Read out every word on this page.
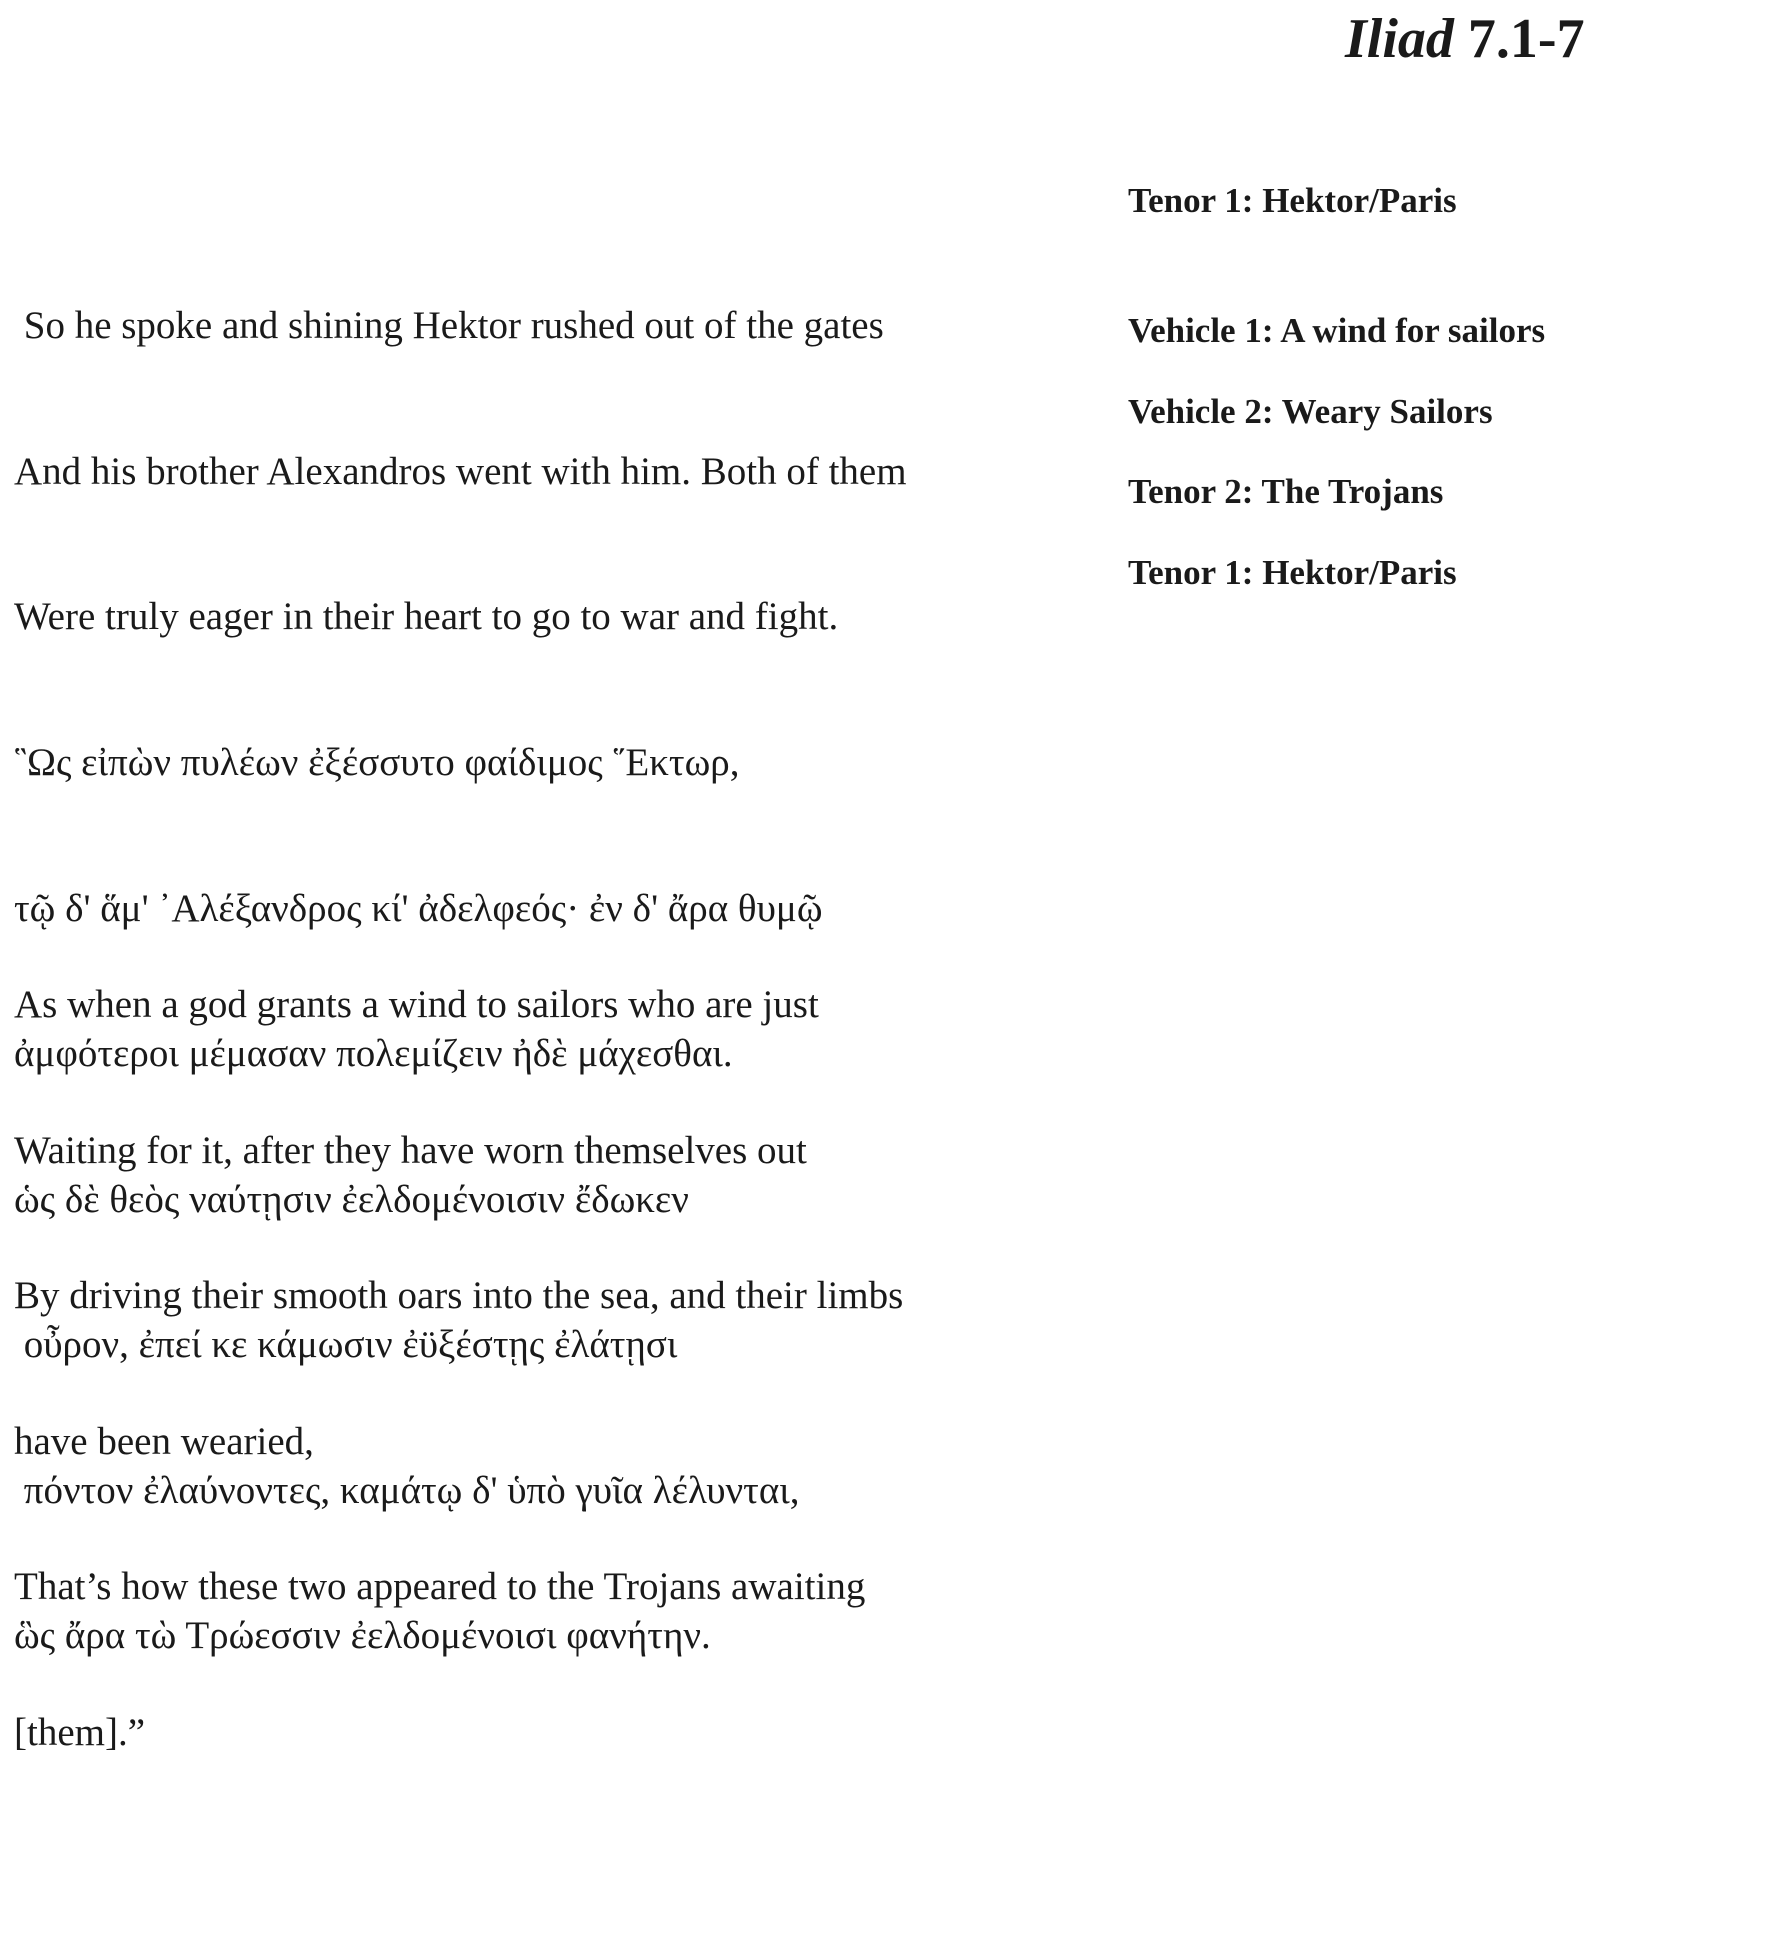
Iliad 7.1-7

So he spoke and shining Hektor rushed out of the gates

And his brother Alexandros went with him. Both of them

Were truly eager in their heart to go to war and fight.

As when a god grants a wind to sailors who are just

Waiting for it, after they have worn themselves out

By driving their smooth oars into the sea, and their limbs

have been wearied,

That’s how these two appeared to the Trojans awaiting

[them].”

῝Ως εἰπὼν πυλέων ἐξέσσυτο φαίδιμος ῞Εκτωρ,

τῷ δ' ἅμ' ᾽Αλέξανδρος κί' ἀδελφεός· ἐν δ' ἄρα θυμῷ

ἀμφότεροι μέμασαν πολεμίζειν ἠδὲ μάχεσθαι.

ὡς δὲ θεὸς ναύτῃσιν ἐελδομένοισιν ἔδωκεν

οὖρον, ἐπεί κε κάμωσιν ἐϋξέστῃς ἐλάτῃσι

πόντον ἐλαύνοντες, καμάτῳ δ' ὑπὸ γυῖα λέλυνται,

ὣς ἄρα τὼ Τρώεσσιν ἐελδομένοισι φανήτην.

Tenor 1: Hektor/Paris
Vehicle 1: A wind for sailors
Vehicle 2: Weary Sailors
Tenor 2: The Trojans
Tenor 1: Hektor/Paris
